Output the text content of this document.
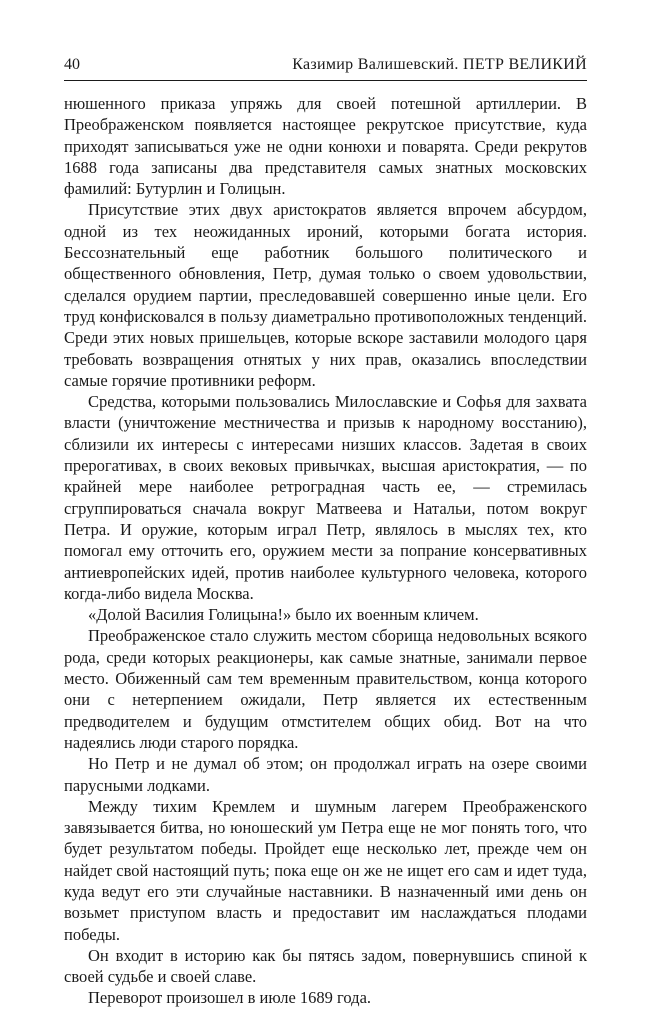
40	Казимир Валишевский. ПЕТР ВЕЛИКИЙ

нюшенного приказа упряжь для своей потешной артиллерии. В Преображенском появляется настоящее рекрутское присутствие, куда приходят записываться уже не одни конюхи и поварята. Среди рекрутов 1688 года записаны два представителя самых знатных московских фамилий: Бутурлин и Голицын.

Присутствие этих двух аристократов является впрочем абсурдом, одной из тех неожиданных ироний, которыми богата история. Бессознательный еще работник большого политического и общественного обновления, Петр, думая только о своем удовольствии, сделался орудием партии, преследовавшей совершенно иные цели. Его труд конфисковался в пользу диаметрально противоположных тенденций. Среди этих новых пришельцев, которые вскоре заставили молодого царя требовать возвращения отнятых у них прав, оказались впоследствии самые горячие противники реформ.

Средства, которыми пользовались Милославские и Софья для захвата власти (уничтожение местничества и призыв к народному восстанию), сблизили их интересы с интересами низших классов. Задетая в своих прерогативах, в своих вековых привычках, высшая аристократия, — по крайней мере наиболее ретроградная часть ее, — стремилась сгруппироваться сначала вокруг Матвеева и Натальи, потом вокруг Петра. И оружие, которым играл Петр, являлось в мыслях тех, кто помогал ему отточить его, оружием мести за попрание консервативных антиевропейских идей, против наиболее культурного человека, которого когда-либо видела Москва.

«Долой Василия Голицына!» было их военным кличем.

Преображенское стало служить местом сборища недовольных всякого рода, среди которых реакционеры, как самые знатные, занимали первое место. Обиженный сам тем временным правительством, конца которого они с нетерпением ожидали, Петр является их естественным предводителем и будущим отмстителем общих обид. Вот на что надеялись люди старого порядка.

Но Петр и не думал об этом; он продолжал играть на озере своими парусными лодками.

Между тихим Кремлем и шумным лагерем Преображенского завязывается битва, но юношеский ум Петра еще не мог понять того, что будет результатом победы. Пройдет еще несколько лет, прежде чем он найдет свой настоящий путь; пока еще он же не ищет его сам и идет туда, куда ведут его эти случайные наставники. В назначенный ими день он возьмет приступом власть и предоставит им наслаждаться плодами победы.

Он входит в историю как бы пятясь задом, повернувшись спиной к своей судьбе и своей славе.

Переворот произошел в июле 1689 года.
